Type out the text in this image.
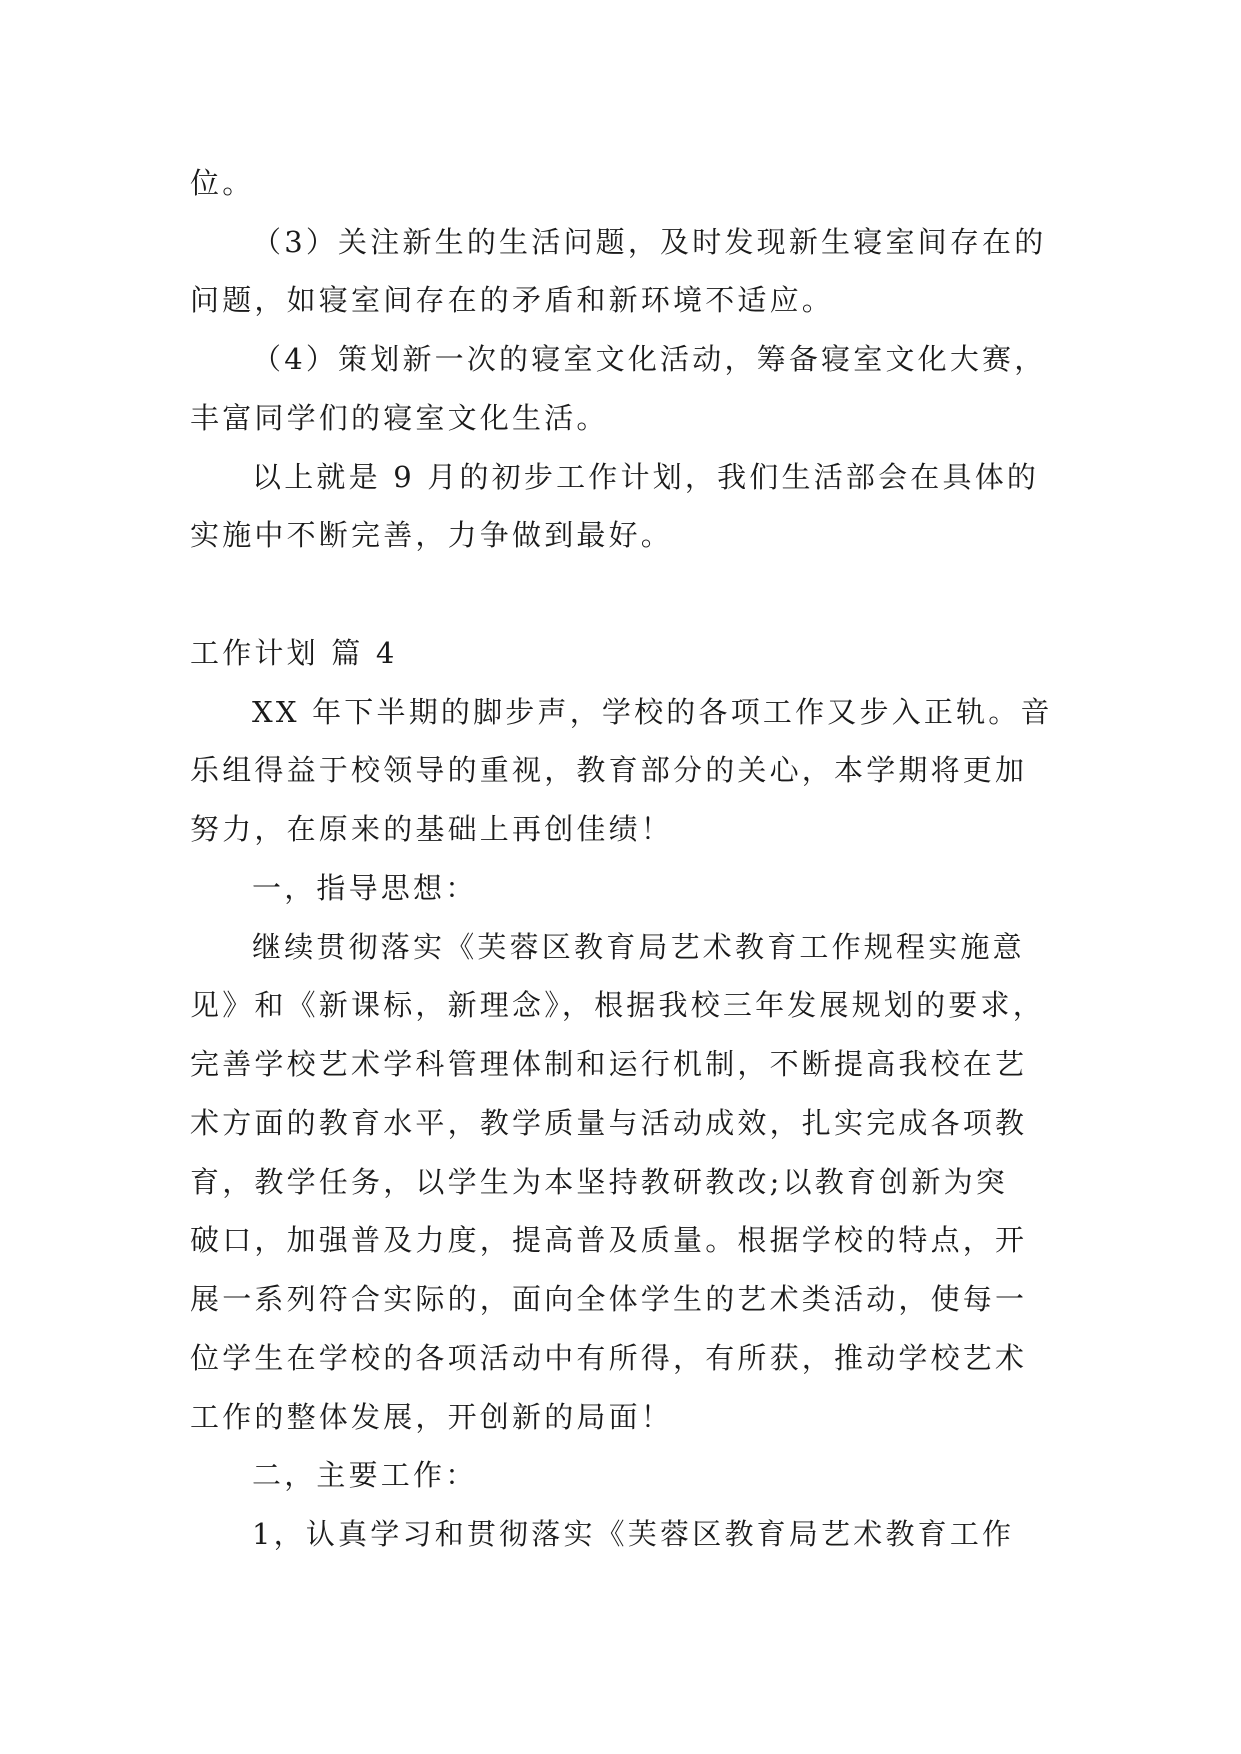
位。
（3）关注新生的生活问题，及时发现新生寝室间存在的
问题，如寝室间存在的矛盾和新环境不适应。
（4）策划新一次的寝室文化活动，筹备寝室文化大赛，
丰富同学们的寝室文化生活。
以上就是 9 月的初步工作计划，我们生活部会在具体的
实施中不断完善，力争做到最好。
工作计划 篇 4
XX 年下半期的脚步声，学校的各项工作又步入正轨。音
乐组得益于校领导的重视，教育部分的关心，本学期将更加
努力，在原来的基础上再创佳绩！
一，指导思想：
继续贯彻落实《芙蓉区教育局艺术教育工作规程实施意
见》和《新课标，新理念》，根据我校三年发展规划的要求，
完善学校艺术学科管理体制和运行机制，不断提高我校在艺
术方面的教育水平，教学质量与活动成效，扎实完成各项教
育，教学任务，以学生为本坚持教研教改;以教育创新为突
破口，加强普及力度，提高普及质量。根据学校的特点，开
展一系列符合实际的，面向全体学生的艺术类活动，使每一
位学生在学校的各项活动中有所得，有所获，推动学校艺术
工作的整体发展，开创新的局面！
二，主要工作：
1，认真学习和贯彻落实《芙蓉区教育局艺术教育工作
